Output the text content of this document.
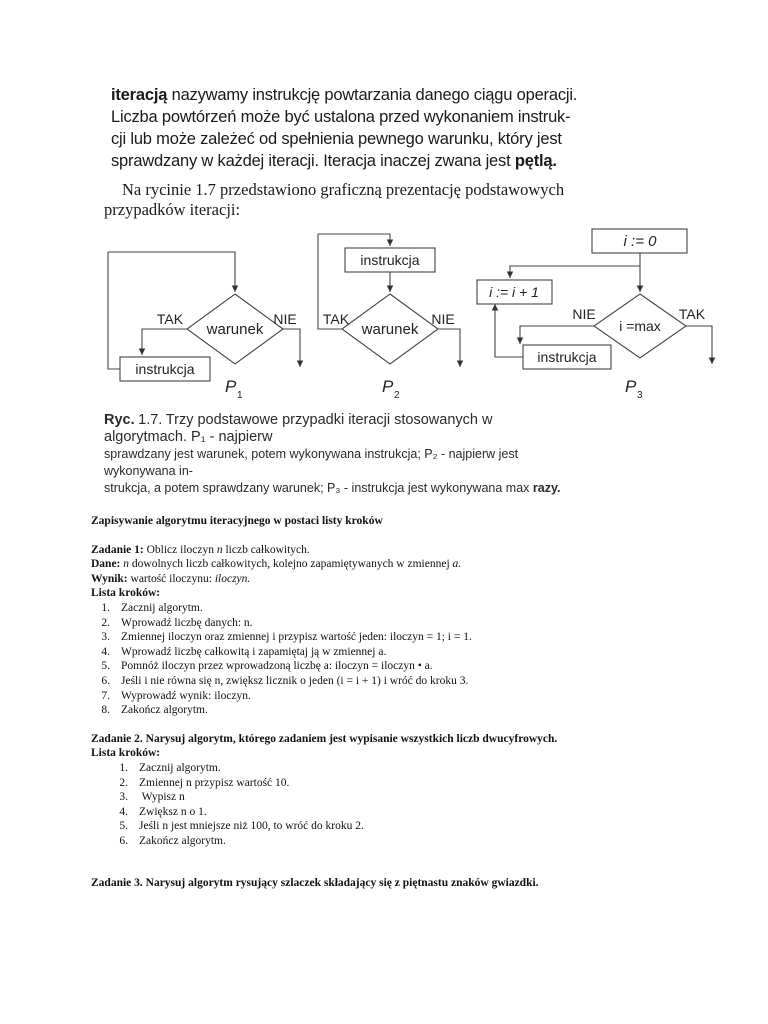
iteracją nazywamy instrukcję powtarzania danego ciągu operacji.
Liczba powtórzeń może być ustalona przed wykonaniem instruk-
cji lub może zależeć od spełnienia pewnego warunku, który jest
sprawdzany w każdej iteracji. Iteracja inaczej zwana jest pętlą.
Na rycinie 1.7 przedstawiono graficzną prezentację podstawowych
przypadków iteracji:
warunek
TAK	NIE
instrukcja
P 1
warunek
TAK	NIE
instrukcja
P 2
i := 0
i := i + 1
i =max
NIE	TAK
instrukcja
P 3
Ryc. 1.7. Trzy podstawowe przypadki iteracji stosowanych w algorytmach. P₁ - najpierw
sprawdzany jest warunek, potem wykonywana instrukcja; P₂ - najpierw jest wykonywana in-
strukcja, a potem sprawdzany warunek; P₃ - instrukcja jest wykonywana max razy.

Zapisywanie algorytmu iteracyjnego w postaci listy kroków

Zadanie 1: Oblicz iloczyn n liczb całkowitych.

Dane: n dowolnych liczb całkowitych, kolejno zapamiętywanych w zmiennej a.

Wynik: wartość iloczynu: iloczyn.

Lista kroków:

1. Zacznij algorytm.
2. Wprowadź liczbę danych: n.
3. Zmiennej iloczyn oraz zmiennej i przypisz wartość jeden: iloczyn = 1; i = 1.
4. Wprowadź liczbę całkowitą i zapamiętaj ją w zmiennej a.
5. Pomnóż iloczyn przez wprowadzoną liczbę a: iloczyn = iloczyn • a.
6. Jeśli i nie równa się n, zwiększ licznik o jeden (i = i + 1) i wróć do kroku 3.
7. Wyprowadź wynik: iloczyn.
8. Zakończ algorytm.

Zadanie 2. Narysuj algorytm, którego zadaniem jest wypisanie wszystkich liczb dwucyfrowych.

Lista kroków:

1. Zacznij algorytm.
2. Zmiennej n przypisz wartość 10.
3. Wypisz n
4. Zwiększ n o 1.
5. Jeśli n jest mniejsze niż 100, to wróć do kroku 2.
6. Zakończ algorytm.

Zadanie 3. Narysuj algorytm rysujący szlaczek składający się z piętnastu znaków gwiazdki.
